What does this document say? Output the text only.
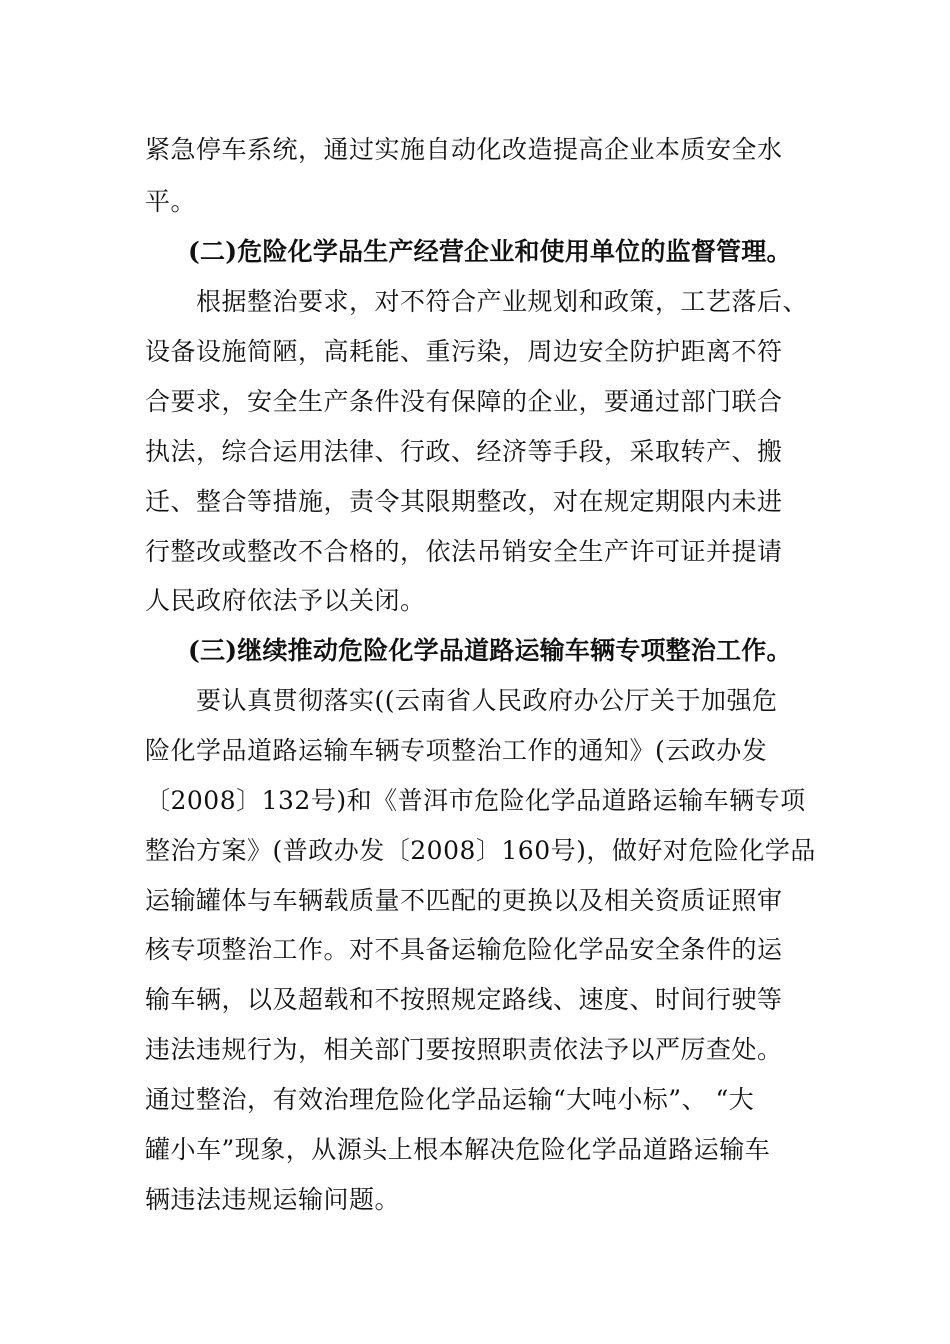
紧急停车系统，通过实施自动化改造提高企业本质安全水
平。
(二)危险化学品生产经营企业和使用单位的监督管理。
根据整治要求，对不符合产业规划和政策，工艺落后、
设备设施简陋，高耗能、重污染，周边安全防护距离不符
合要求，安全生产条件没有保障的企业，要通过部门联合
执法，综合运用法律、行政、经济等手段，采取转产、搬
迁、整合等措施，责令其限期整改，对在规定期限内未进
行整改或整改不合格的，依法吊销安全生产许可证并提请
人民政府依法予以关闭。
(三)继续推动危险化学品道路运输车辆专项整治工作。
要认真贯彻落实((云南省人民政府办公厅关于加强危
险化学品道路运输车辆专项整治工作的通知》(云政办发
〔2008〕132号)和《普洱市危险化学品道路运输车辆专项
整治方案》(普政办发〔2008〕160号)，做好对危险化学品
运输罐体与车辆载质量不匹配的更换以及相关资质证照审
核专项整治工作。对不具备运输危险化学品安全条件的运
输车辆，以及超载和不按照规定路线、速度、时间行驶等
违法违规行为，相关部门要按照职责依法予以严厉查处。
通过整治，有效治理危险化学品运输“大吨小标”、 “大
罐小车”现象，从源头上根本解决危险化学品道路运输车
辆违法违规运输问题。
